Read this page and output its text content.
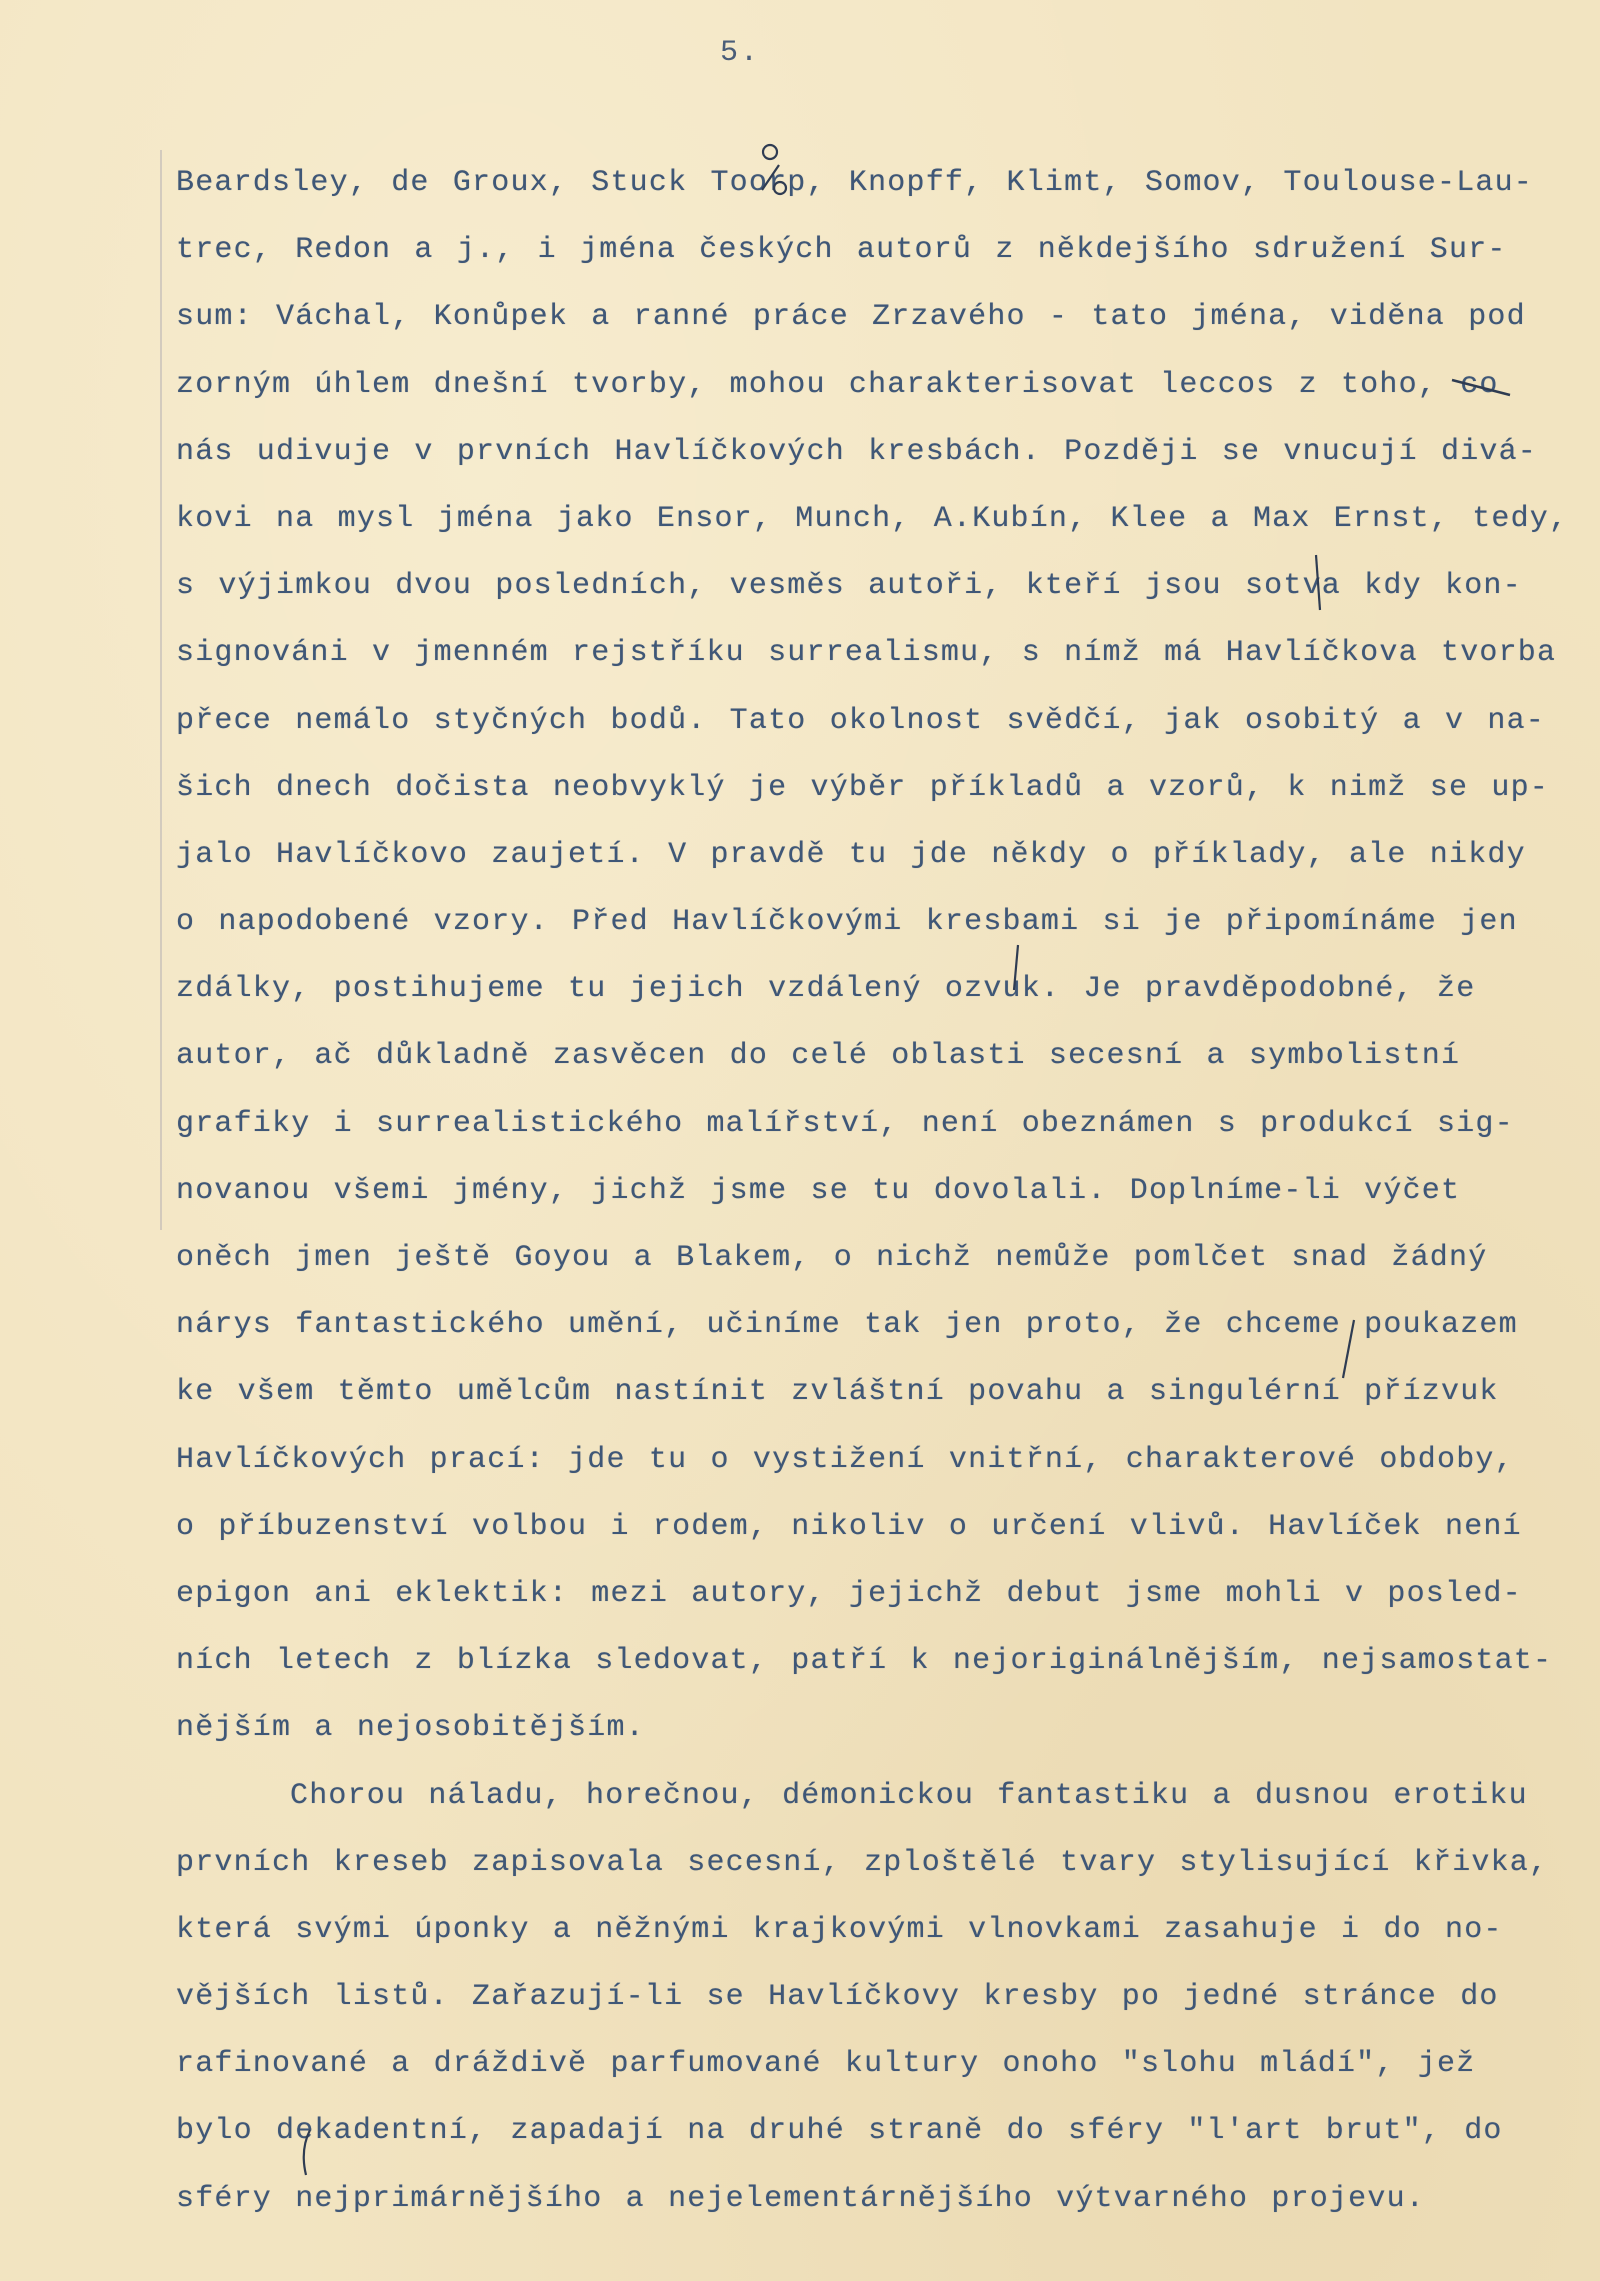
5.
Beardsley, de Groux, Stuck Toorp, Knopff, Klimt, Somov, Toulouse-Lau-
trec, Redon a j., i jména českých autorů z někdejšího sdružení Sur-
sum: Váchal, Konůpek a ranné práce Zrzavého - tato jména, viděna pod
zorným úhlem dnešní tvorby, mohou charakterisovat leccos z toho, co
nás udivuje v prvních Havlíčkových kresbách. Později se vnucují divá-
kovi na mysl jména jako Ensor, Munch, A.Kubín, Klee a Max Ernst, tedy,
s výjimkou dvou posledních, vesměs autoři, kteří jsou sotva kdy kon-
signováni v jmenném rejstříku surrealismu, s nímž má Havlíčkova tvorba
přece nemálo styčných bodů. Tato okolnost svědčí, jak osobitý a v na-
šich dnech dočista neobvyklý je výběr příkladů a vzorů, k nimž se up-
jalo Havlíčkovo zaujetí. V pravdě tu jde někdy o příklady, ale nikdy
o napodobené vzory. Před Havlíčkovými kresbami si je připomínáme jen
zdálky, postihujeme tu jejich vzdálený ozvuk. Je pravděpodobné, že
autor, ač důkladně zasvěcen do celé oblasti secesní a symbolistní
grafiky i surrealistického malířství, není obeznámen s produkcí sig-
novanou všemi jmény, jichž jsme se tu dovolali. Doplníme-li výčet
oněch jmen ještě Goyou a Blakem, o nichž nemůže pomlčet snad žádný
nárys fantastického umění, učiníme tak jen proto, že chceme poukazem
ke všem těmto umělcům nastínit zvláštní povahu a singulérní přízvuk
Havlíčkových prací: jde tu o vystižení vnitřní, charakterové obdoby,
o příbuzenství volbou i rodem, nikoliv o určení vlivů. Havlíček není
epigon ani eklektik: mezi autory, jejichž debut jsme mohli v posled-
ních letech z blízka sledovat, patří k nejoriginálnějším, nejsamostat-
nějším a nejosobitějším.
Chorou náladu, horečnou, démonickou fantastiku a dusnou erotiku
prvních kreseb zapisovala secesní, zploštělé tvary stylisující křivka,
která svými úponky a něžnými krajkovými vlnovkami zasahuje i do no-
vějších listů. Zařazují-li se Havlíčkovy kresby po jedné stránce do
rafinované a dráždivě parfumované kultury onoho "slohu mládí", jež
bylo dekadentní, zapadají na druhé straně do sféry "l'art brut", do
sféry nejprimárnějšího a nejelementárnějšího výtvarného projevu.
